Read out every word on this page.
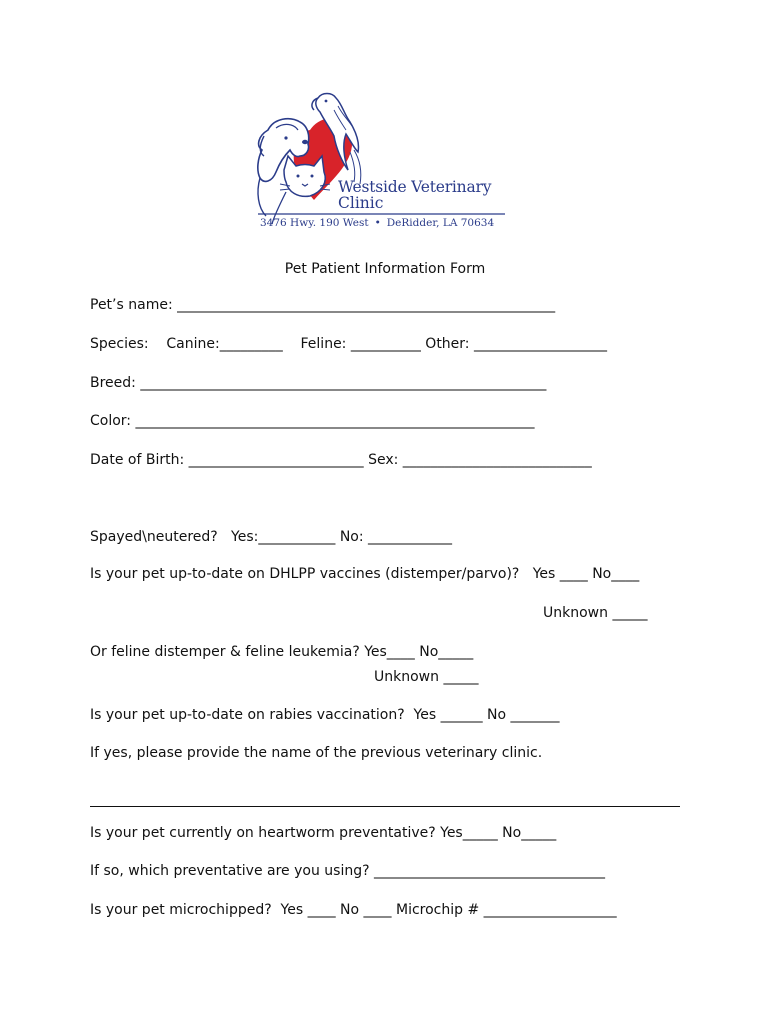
Westside Veterinary
Clinic
3476 Hwy. 190 West • DeRidder, LA 70634
Pet Patient Information Form
Pet’s name: ______________________________________________________
Species:    Canine:_________    Feline: __________ Other: ___________________
Breed: __________________________________________________________
Color: _________________________________________________________
Date of Birth: _________________________ Sex: ___________________________
Spayed\neutered?   Yes:___________ No: ____________
Is your pet up-to-date on DHLPP vaccines (distemper/parvo)?   Yes ____ No____
Unknown _____
Or feline distemper & feline leukemia? Yes____ No_____
Unknown _____
Is your pet up-to-date on rabies vaccination?  Yes ______ No _______
If yes, please provide the name of the previous veterinary clinic.
Is your pet currently on heartworm preventative? Yes_____ No_____
If so, which preventative are you using? _________________________________
Is your pet microchipped?  Yes ____ No ____ Microchip # ___________________
